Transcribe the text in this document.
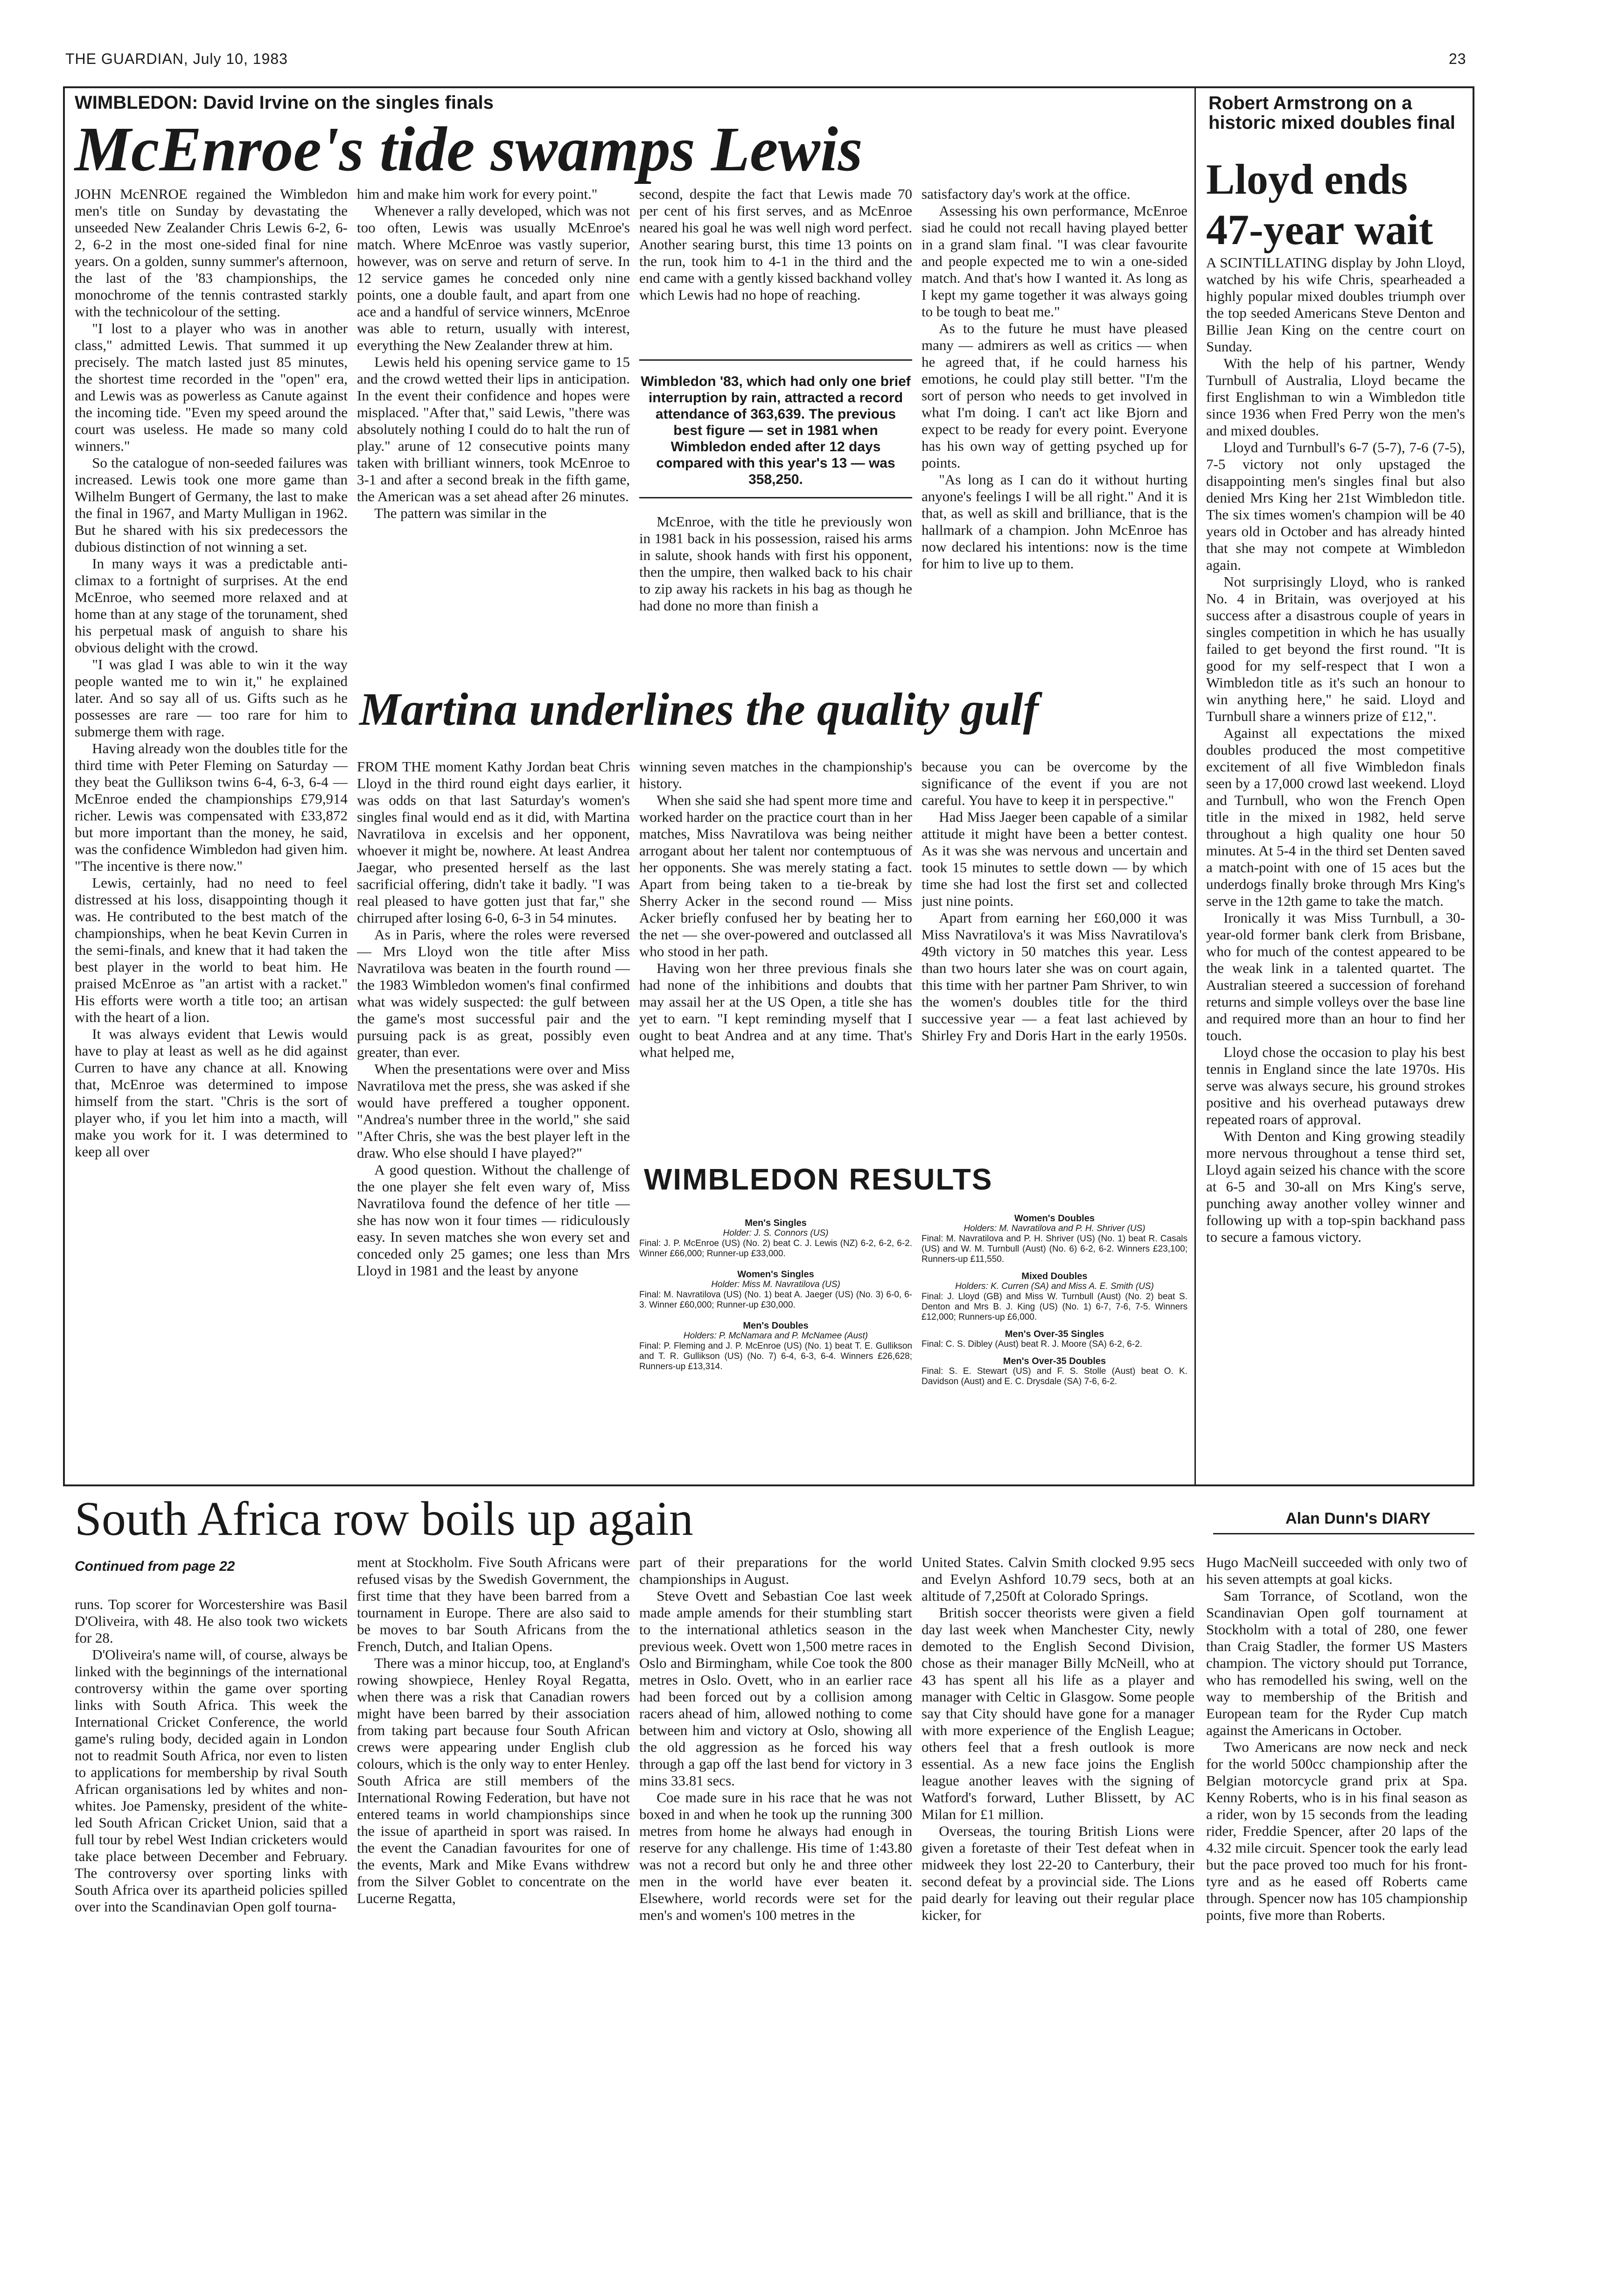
THE GUARDIAN, July 10, 1983	23
WIMBLEDON: David Irvine on the singles finals
McEnroe's tide swamps Lewis

JOHN McENROE regained the Wimbledon men's title on Sunday by devastating the unseeded New Zealander Chris Lewis 6-2, 6-2, 6-2 in the most one-sided final for nine years. On a golden, sunny summer's afternoon, the last of the '83 championships, the monochrome of the tennis contrasted starkly with the technicolour of the setting.

"I lost to a player who was in another class," admitted Lewis. That summed it up precisely. The match lasted just 85 minutes, the shortest time recorded in the "open" era, and Lewis was as powerless as Canute against the incoming tide. "Even my speed around the court was useless. He made so many cold winners."

So the catalogue of non-seeded failures was increased. Lewis took one more game than Wilhelm Bungert of Germany, the last to make the final in 1967, and Marty Mulligan in 1962. But he shared with his six predecessors the dubious distinction of not winning a set.

In many ways it was a predictable anti-climax to a fortnight of surprises. At the end McEnroe, who seemed more relaxed and at home than at any stage of the torunament, shed his perpetual mask of anguish to share his obvious delight with the crowd.

"I was glad I was able to win it the way people wanted me to win it," he explained later. And so say all of us. Gifts such as he possesses are rare — too rare for him to submerge them with rage.

Having already won the doubles title for the third time with Peter Fleming on Saturday — they beat the Gullikson twins 6-4, 6-3, 6-4 — McEnroe ended the championships £79,914 richer. Lewis was compensated with £33,872 but more important than the money, he said, was the confidence Wimbledon had given him. "The incentive is there now."

Lewis, certainly, had no need to feel distressed at his loss, disappointing though it was. He contributed to the best match of the championships, when he beat Kevin Curren in the semi-finals, and knew that it had taken the best player in the world to beat him. He praised McEnroe as "an artist with a racket." His efforts were worth a title too; an artisan with the heart of a lion.

It was always evident that Lewis would have to play at least as well as he did against Curren to have any chance at all. Knowing that, McEnroe was determined to impose himself from the start. "Chris is the sort of player who, if you let him into a macth, will make you work for it. I was determined to keep all over

him and make him work for every point."

Whenever a rally developed, which was not too often, Lewis was usually McEnroe's match. Where McEnroe was vastly superior, however, was on serve and return of serve. In 12 service games he conceded only nine points, one a double fault, and apart from one ace and a handful of service winners, McEnroe was able to return, usually with interest, everything the New Zealander threw at him.

Lewis held his opening service game to 15 and the crowd wetted their lips in anticipation. In the event their confidence and hopes were misplaced. "After that," said Lewis, "there was absolutely nothing I could do to halt the run of play." arune of 12 consecutive points many taken with brilliant winners, took McEnroe to 3-1 and after a second break in the fifth game, the American was a set ahead after 26 minutes.

The pattern was similar in the

second, despite the fact that Lewis made 70 per cent of his first serves, and as McEnroe neared his goal he was well nigh word perfect. Another searing burst, this time 13 points on the run, took him to 4-1 in the third and the end came with a gently kissed backhand volley which Lewis had no hope of reaching.

Wimbledon '83, which had only one brief interruption by rain, attracted a record attendance of 363,639. The previous best figure — set in 1981 when Wimbledon ended after 12 days compared with this year's 13 — was 358,250.

McEnroe, with the title he previously won in 1981 back in his possession, raised his arms in salute, shook hands with first his opponent, then the umpire, then walked back to his chair to zip away his rackets in his bag as though he had done no more than finish a

satisfactory day's work at the office.

Assessing his own performance, McEnroe siad he could not recall having played better in a grand slam final. "I was clear favourite and people expected me to win a one-sided match. And that's how I wanted it. As long as I kept my game together it was always going to be tough to beat me."

As to the future he must have pleased many — admirers as well as critics — when he agreed that, if he could harness his emotions, he could play still better. "I'm the sort of person who needs to get involved in what I'm doing. I can't act like Bjorn and expect to be ready for every point. Everyone has his own way of getting psyched up for points.

"As long as I can do it without hurting anyone's feelings I will be all right." And it is that, as well as skill and brilliance, that is the hallmark of a champion. John McEnroe has now declared his intentions: now is the time for him to live up to them.

Martina underlines the quality gulf

FROM THE moment Kathy Jordan beat Chris Lloyd in the third round eight days earlier, it was odds on that last Saturday's women's singles final would end as it did, with Martina Navratilova in excelsis and her opponent, whoever it might be, nowhere. At least Andrea Jaegar, who presented herself as the last sacrificial offering, didn't take it badly. "I was real pleased to have gotten just that far," she chirruped after losing 6-0, 6-3 in 54 minutes.

As in Paris, where the roles were reversed — Mrs Lloyd won the title after Miss Navratilova was beaten in the fourth round — the 1983 Wimbledon women's final confirmed what was widely suspected: the gulf between the game's most successful pair and the pursuing pack is as great, possibly even greater, than ever.

When the presentations were over and Miss Navratilova met the press, she was asked if she would have preffered a tougher opponent. "Andrea's number three in the world," she said "After Chris, she was the best player left in the draw. Who else should I have played?"

A good question. Without the challenge of the one player she felt even wary of, Miss Navratilova found the defence of her title — she has now won it four times — ridiculously easy. In seven matches she won every set and conceded only 25 games; one less than Mrs Lloyd in 1981 and the least by anyone

winning seven matches in the championship's history.

When she said she had spent more time and worked harder on the practice court than in her matches, Miss Navratilova was being neither arrogant about her talent nor contemptuous of her opponents. She was merely stating a fact. Apart from being taken to a tie-break by Sherry Acker in the second round — Miss Acker briefly confused her by beating her to the net — she over-powered and outclassed all who stood in her path.

Having won her three previous finals she had none of the inhibitions and doubts that may assail her at the US Open, a title she has yet to earn. "I kept reminding myself that I ought to beat Andrea and at any time. That's what helped me,

because you can be overcome by the significance of the event if you are not careful. You have to keep it in perspective."

Had Miss Jaeger been capable of a similar attitude it might have been a better contest. As it was she was nervous and uncertain and took 15 minutes to settle down — by which time she had lost the first set and collected just nine points.

Apart from earning her £60,000 it was Miss Navratilova's it was Miss Navratilova's 49th victory in 50 matches this year. Less than two hours later she was on court again, this time with her partner Pam Shriver, to win the women's doubles title for the third successive year — a feat last achieved by Shirley Fry and Doris Hart in the early 1950s.

WIMBLEDON RESULTS
Men's Singles
Holder: J. S. Connors (US)
Final: J. P. McEnroe (US) (No. 2) beat C. J. Lewis (NZ) 6-2, 6-2, 6-2. Winner £66,000; Runner-up £33,000.
Women's Singles
Holder: Miss M. Navratilova (US)
Final: M. Navratilova (US) (No. 1) beat A. Jaeger (US) (No. 3) 6-0, 6-3. Winner £60,000; Runner-up £30,000.
Men's Doubles
Holders: P. McNamara and P. McNamee (Aust)
Final: P. Fleming and J. P. McEnroe (US) (No. 1) beat T. E. Gullikson and T. R. Gullikson (US) (No. 7) 6-4, 6-3, 6-4. Winners £26,628; Runners-up £13,314.
Women's Doubles
Holders: M. Navratilova and P. H. Shriver (US)
Final: M. Navratilova and P. H. Shriver (US) (No. 1) beat R. Casals (US) and W. M. Turnbull (Aust) (No. 6) 6-2, 6-2. Winners £23,100; Runners-up £11,550.
Mixed Doubles
Holders: K. Curren (SA) and Miss A. E. Smith (US)
Final: J. Lloyd (GB) and Miss W. Turnbull (Aust) (No. 2) beat S. Denton and Mrs B. J. King (US) (No. 1) 6-7, 7-6, 7-5. Winners £12,000; Runners-up £6,000.
Men's Over-35 Singles
Final: C. S. Dibley (Aust) beat R. J. Moore (SA) 6-2, 6-2.
Men's Over-35 Doubles
Final: S. E. Stewart (US) and F. S. Stolle (Aust) beat O. K. Davidson (Aust) and E. C. Drysdale (SA) 7-6, 6-2.
Robert Armstrong on a historic mixed doubles final
Lloyd ends 47-year wait

A SCINTILLATING display by John Lloyd, watched by his wife Chris, spearheaded a highly popular mixed doubles triumph over the top seeded Americans Steve Denton and Billie Jean King on the centre court on Sunday.

With the help of his partner, Wendy Turnbull of Australia, Lloyd became the first Englishman to win a Wimbledon title since 1936 when Fred Perry won the men's and mixed doubles.

Lloyd and Turnbull's 6-7 (5-7), 7-6 (7-5), 7-5 victory not only upstaged the disappointing men's singles final but also denied Mrs King her 21st Wimbledon title. The six times women's champion will be 40 years old in October and has already hinted that she may not compete at Wimbledon again.

Not surprisingly Lloyd, who is ranked No. 4 in Britain, was overjoyed at his success after a disastrous couple of years in singles competition in which he has usually failed to get beyond the first round. "It is good for my self-respect that I won a Wimbledon title as it's such an honour to win anything here," he said. Lloyd and Turnbull share a winners prize of £12,".

Against all expectations the mixed doubles produced the most competitive excitement of all five Wimbledon finals seen by a 17,000 crowd last weekend. Lloyd and Turnbull, who won the French Open title in the mixed in 1982, held serve throughout a high quality one hour 50 minutes. At 5-4 in the third set Denten saved a match-point with one of 15 aces but the underdogs finally broke through Mrs King's serve in the 12th game to take the match.

Ironically it was Miss Turnbull, a 30-year-old former bank clerk from Brisbane, who for much of the contest appeared to be the weak link in a talented quartet. The Australian steered a succession of forehand returns and simple volleys over the base line and required more than an hour to find her touch.

Lloyd chose the occasion to play his best tennis in England since the late 1970s. His serve was always secure, his ground strokes positive and his overhead putaways drew repeated roars of approval.

With Denton and King growing steadily more nervous throughout a tense third set, Lloyd again seized his chance with the score at 6-5 and 30-all on Mrs King's serve, punching away another volley winner and following up with a top-spin backhand pass to secure a famous victory.

South Africa row boils up again	Alan Dunn's DIARY
Continued from page 22

runs. Top scorer for Worcestershire was Basil D'Oliveira, with 48. He also took two wickets for 28.

D'Oliveira's name will, of course, always be linked with the beginnings of the international controversy within the game over sporting links with South Africa. This week the International Cricket Conference, the world game's ruling body, decided again in London not to readmit South Africa, nor even to listen to applications for membership by rival South African organisations led by whites and non-whites. Joe Pamensky, president of the white-led South African Cricket Union, said that a full tour by rebel West Indian cricketers would take place between December and February. The controversy over sporting links with South Africa over its apartheid policies spilled over into the Scandinavian Open golf tourna-

ment at Stockholm. Five South Africans were refused visas by the Swedish Government, the first time that they have been barred from a tournament in Europe. There are also said to be moves to bar South Africans from the French, Dutch, and Italian Opens.

There was a minor hiccup, too, at England's rowing showpiece, Henley Royal Regatta, when there was a risk that Canadian rowers might have been barred by their association from taking part because four South African crews were appearing under English club colours, which is the only way to enter Henley. South Africa are still members of the International Rowing Federation, but have not entered teams in world championships since the issue of apartheid in sport was raised. In the event the Canadian favourites for one of the events, Mark and Mike Evans withdrew from the Silver Goblet to concentrate on the Lucerne Regatta,

part of their preparations for the world championships in August.

Steve Ovett and Sebastian Coe last week made ample amends for their stumbling start to the international athletics season in the previous week. Ovett won 1,500 metre races in Oslo and Birmingham, while Coe took the 800 metres in Oslo. Ovett, who in an earlier race had been forced out by a collision among racers ahead of him, allowed nothing to come between him and victory at Oslo, showing all the old aggression as he forced his way through a gap off the last bend for victory in 3 mins 33.81 secs.

Coe made sure in his race that he was not boxed in and when he took up the running 300 metres from home he always had enough in reserve for any challenge. His time of 1:43.80 was not a record but only he and three other men in the world have ever beaten it. Elsewhere, world records were set for the men's and women's 100 metres in the

United States. Calvin Smith clocked 9.95 secs and Evelyn Ashford 10.79 secs, both at an altitude of 7,250ft at Colorado Springs.

British soccer theorists were given a field day last week when Manchester City, newly demoted to the English Second Division, chose as their manager Billy McNeill, who at 43 has spent all his life as a player and manager with Celtic in Glasgow. Some people say that City should have gone for a manager with more experience of the English League; others feel that a fresh outlook is more essential. As a new face joins the English league another leaves with the signing of Watford's forward, Luther Blissett, by AC Milan for £1 million.

Overseas, the touring British Lions were given a foretaste of their Test defeat when in midweek they lost 22-20 to Canterbury, their second defeat by a provincial side. The Lions paid dearly for leaving out their regular place kicker, for

Hugo MacNeill succeeded with only two of his seven attempts at goal kicks.

Sam Torrance, of Scotland, won the Scandinavian Open golf tournament at Stockholm with a total of 280, one fewer than Craig Stadler, the former US Masters champion. The victory should put Torrance, who has remodelled his swing, well on the way to membership of the British and European team for the Ryder Cup match against the Americans in October.

Two Americans are now neck and neck for the world 500cc championship after the Belgian motorcycle grand prix at Spa. Kenny Roberts, who is in his final season as a rider, won by 15 seconds from the leading rider, Freddie Spencer, after 20 laps of the 4.32 mile circuit. Spencer took the early lead but the pace proved too much for his front-tyre and as he eased off Roberts came through. Spencer now has 105 championship points, five more than Roberts.
